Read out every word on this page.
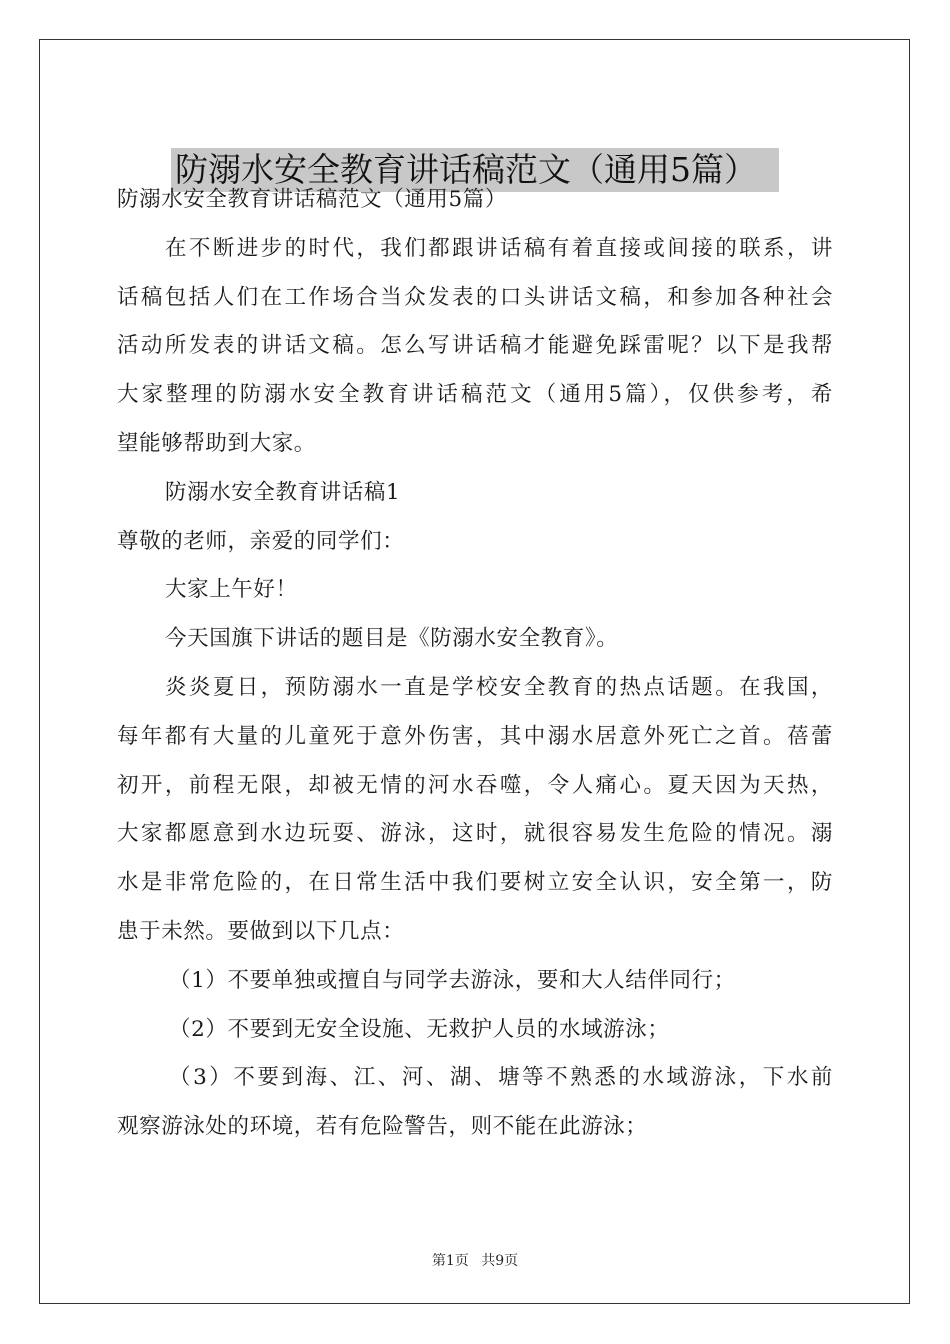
防溺水安全教育讲话稿范文（通用5篇）
防溺水安全教育讲话稿范文（通用5篇）
在不断进步的时代，我们都跟讲话稿有着直接或间接的联系，讲
话稿包括人们在工作场合当众发表的口头讲话文稿，和参加各种社会
活动所发表的讲话文稿。怎么写讲话稿才能避免踩雷呢？以下是我帮
大家整理的防溺水安全教育讲话稿范文（通用5篇），仅供参考，希
望能够帮助到大家。
防溺水安全教育讲话稿1
尊敬的老师，亲爱的同学们：
大家上午好！
今天国旗下讲话的题目是《防溺水安全教育》。
炎炎夏日，预防溺水一直是学校安全教育的热点话题。在我国，
每年都有大量的儿童死于意外伤害，其中溺水居意外死亡之首。蓓蕾
初开，前程无限，却被无情的河水吞噬，令人痛心。夏天因为天热，
大家都愿意到水边玩耍、游泳，这时，就很容易发生危险的情况。溺
水是非常危险的，在日常生活中我们要树立安全认识，安全第一，防
患于未然。要做到以下几点：
（1）不要单独或擅自与同学去游泳，要和大人结伴同行；
（2）不要到无安全设施、无救护人员的水域游泳；
（3）不要到海、江、河、湖、塘等不熟悉的水域游泳，下水前
观察游泳处的环境，若有危险警告，则不能在此游泳；
第1页 共9页
